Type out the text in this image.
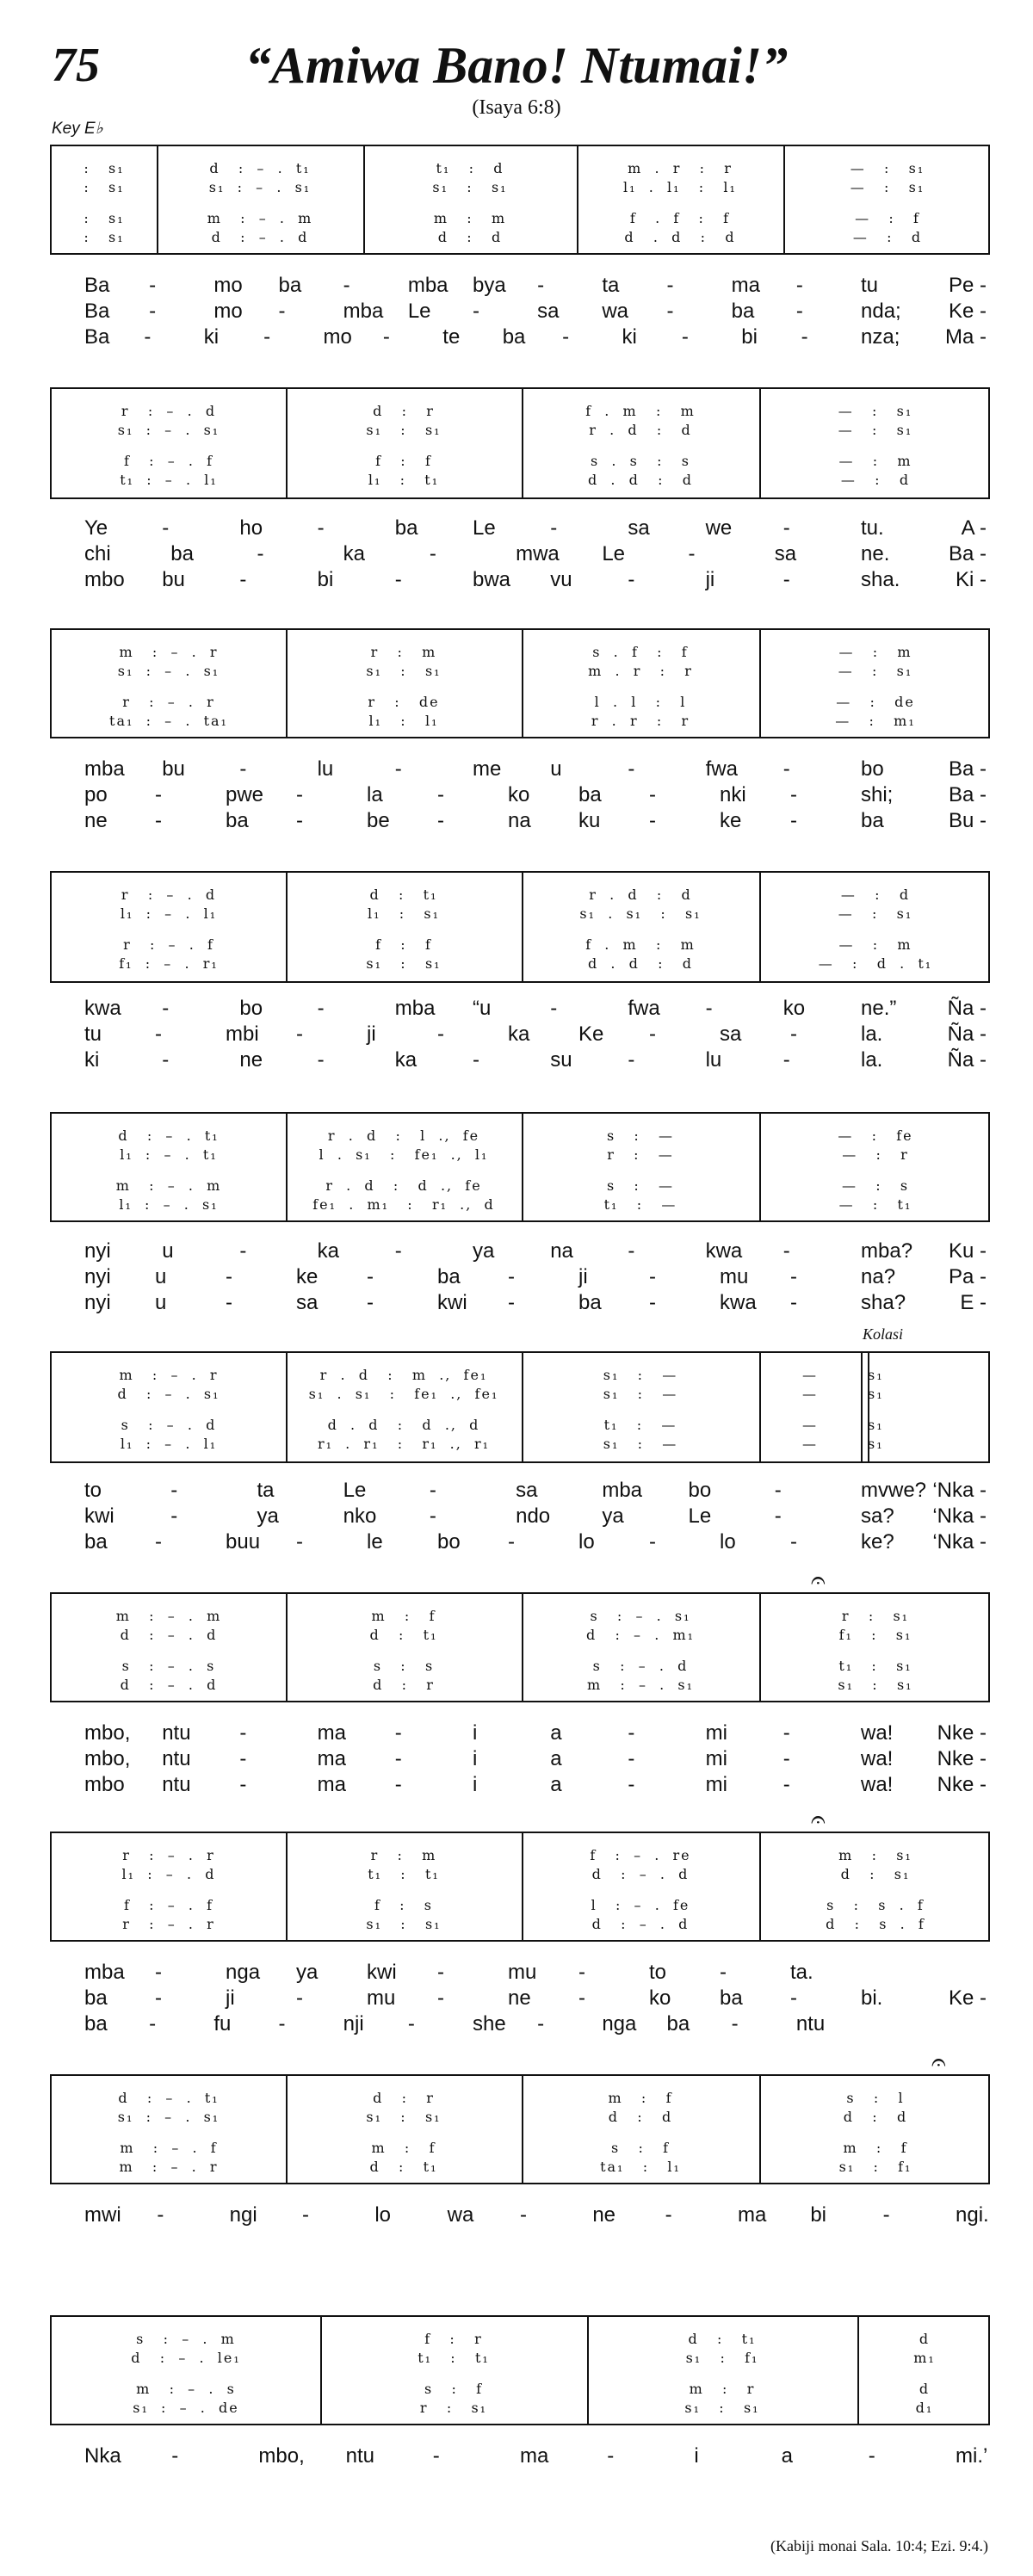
75	“Amiwa Bano! Ntumai!”
(Isaya 6:8)
Key E♭
Kolasi
(Kabiji monai Sala. 10:4; Ezi. 9:4.)
:   s₁	d   :  –  .  t₁	t₁   :   d	m  .  r   :   r	—   :   s₁
:   s₁	s₁  :  –  .  s₁	s₁   :   s₁	l₁  .  l₁   :   l₁	—   :   s₁
:   s₁	m   :  –  .  m	m   :   m	f   .  f   :   f	—   :   f
:   s₁	d   :  –  .  d	d   :   d	d   .  d   :   d	—   :   d
Ba -	mo ba -	mba bya -	ta -	ma -	tu	Pe -
Ba -	mo -	mba Le -	sa wa -	ba -	nda; Ke -
Ba -	ki -	mo -	te ba -	ki -	bi -	nza; Ma -
r   :  –  .  d	d   :   r	f  .  m   :   m	—   :   s₁
s₁  :  –  .  s₁	s₁   :   s₁	r  .  d   :   d	—   :   s₁
f   :  –  .  f	f   :   f	s  .  s   :   s	—   :   m
t₁  :  –  .  l₁	l₁   :   t₁	d  .  d   :   d	—   :   d
Ye	-	ho	-	ba	Le	-	sa	we -	tu.	A -
chi	ba	-	ka	-	mwa Le	-	sa	ne.	Ba -
mbo bu	-	bi	-	bwa vu	-	ji	-	sha.	Ki -
m   :  –  .  r	r   :   m	s  .  f   :   f	—   :   m
s₁  :  –  .  s₁	s₁   :   s₁	m  .  r   :   r	—   :   s₁
r   :  –  .  r	r   :   de	l  .  l   :   l	—   :   de
ta₁  :  –  .  ta₁	l₁   :   l₁	r  .  r   :   r	—   :   m₁
mba bu	-	lu	-	me u	-	fwa -	bo	Ba -
po -	pwe -	la	-	ko ba -	nki -	shi;	Ba -
ne -	ba -	be -	na ku -	ke -	ba	Bu -
r   :  –  .  d	d   :   t₁	r  .  d   :   d	—   :   d
l₁  :  –  .  l₁	l₁   :   s₁	s₁  .  s₁   :   s₁	—   :   s₁
r   :  –  .  f	f   :   f	f  .  m   :   m	—   :   m
f₁  :  –  .  r₁	s₁   :   s₁	d  .  d   :   d	—   :   d  .  t₁
kwa -	bo	-	mba “u	-	fwa -	ko	ne.” Ña -
tu	-	mbi -	ji	-	ka Ke -	sa -	la.	Ña -
ki	-	ne	-	ka	-	su	-	lu	-	la.	Ña -
d   :  –  .  t₁	r  .  d   :   l  .,  fe	s   :   —	—   :   fe
l₁  :  –  .  t₁	l  .  s₁   :   fe₁  .,  l₁	r   :   —	—   :   r
m   :  –  .  m	r  .  d   :   d  .,  fe	s   :   —	—   :   s
l₁  :  –  .  s₁	fe₁  .  m₁   :   r₁  .,  d	t₁   :   —	—   :   t₁
nyi u	-	ka	-	ya	na	-	kwa -	mba? Ku -
nyi u	-	ke -	ba -	ji	-	mu -	na?	Pa -
nyi u	-	sa -	kwi -	ba -	kwa -	sha?	E -
m   :  –  .  r	r  .  d   :   m  .,  fe₁	s₁   :   —	—	s₁
d   :  –  .  s₁	s₁  .  s₁   :   fe₁  .,  fe₁	s₁   :   —	—	s₁
s   :  –  .  d	d  .  d   :   d  .,  d	t₁   :   —	—	s₁
l₁  :  –  .  l₁	r₁  .  r₁   :   r₁  .,  r₁	s₁   :   —	—	s₁
to	-	ta	Le	-	sa	mba bo	-	mvwe? ‘Nka -
kwi	-	ya	nko	-	ndo	ya	Le	-	sa? ‘Nka -
ba -	buu -	le	bo -	lo	-	lo	-	ke? ‘Nka -
m   :  –  .  m	m   :   f	s   :  –  .  s₁	r   :   s₁
d   :  –  .  d	d   :   t₁	d   :  –  .  m₁	f₁   :   s₁
s   :  –  .  s	s   :   s	s   :  –  .  d	t₁   :   s₁
d   :  –  .  d	d   :   r	m   :  –  .  s₁	s₁   :   s₁
mbo, ntu -	ma -	i	a	-	mi	-	wa! Nke -
mbo, ntu -	ma -	i	a	-	mi	-	wa! Nke -
mbo ntu -	ma -	i	a	-	mi	-	wa! Nke -
r   :  –  .  r	r   :   m	f   :  –  .  re	m   :   s₁
l₁  :  –  .  d	t₁   :   t₁	d   :  –  .  d	d   :   s₁
f   :  –  .  f	f   :   s	l   :  –  .  fe	s   :   s  .  f
r   :  –  .  r	s₁   :   s₁	d   :  –  .  d	d   :   s  .  f
mba -	nga ya kwi -	mu -	to	-	ta.
ba -	ji	-	mu -	ne -	ko ba -	bi.	Ke -
ba -	fu -	nji -	she -	nga ba -	ntu
d   :  –  .  t₁	d   :   r	m   :   f	s   :   l
s₁  :  –  .  s₁	s₁   :   s₁	d   :   d	d   :   d
m   :  –  .  f	m   :   f	s   :   f	m   :   f
m   :  –  .  r	d   :   t₁	ta₁   :   l₁	s₁   :   f₁
mwi -	ngi -	lo	wa -	ne -	ma bi	-	ngi.
s   :  –  .  m	f   :   r	d   :   t₁	d
d   :  –  .  le₁	t₁   :   t₁	s₁   :   f₁	m₁
m   :  –  .  s	s   :   f	m   :   r	d
s₁  :  –  .  de	r   :   s₁	s₁   :   s₁	d₁
Nka -	mbo, ntu	-	ma	-	i	a	-	mi.’
𝄐
𝄐
𝄐
